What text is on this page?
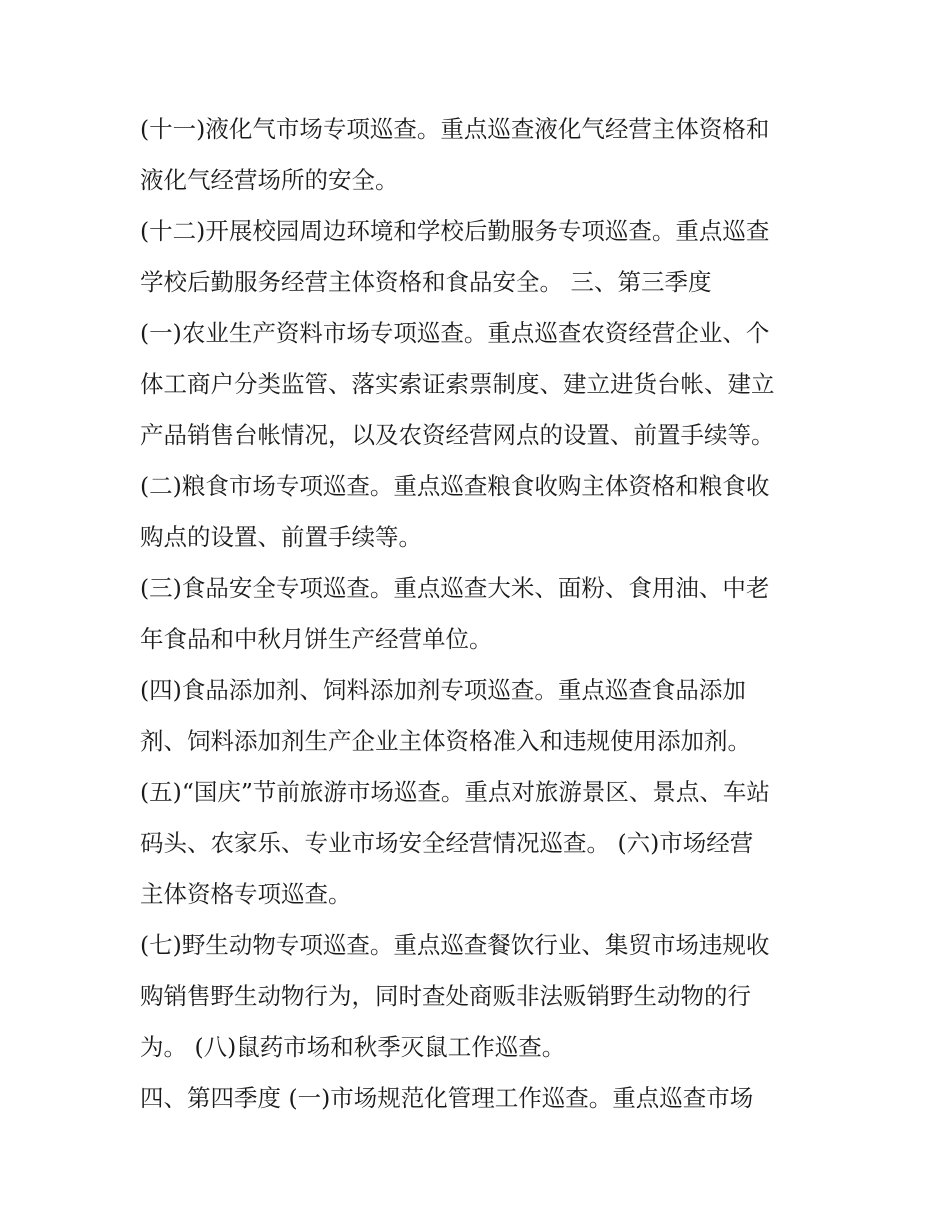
(十一)液化气市场专项巡查。重点巡查液化气经营主体资格和
液化气经营场所的安全。
(十二)开展校园周边环境和学校后勤服务专项巡查。重点巡查
学校后勤服务经营主体资格和食品安全。 三、第三季度
(一)农业生产资料市场专项巡查。重点巡查农资经营企业、个
体工商户分类监管、落实索证索票制度、建立进货台帐、建立
产品销售台帐情况，以及农资经营网点的设置、前置手续等。
(二)粮食市场专项巡查。重点巡查粮食收购主体资格和粮食收
购点的设置、前置手续等。
(三)食品安全专项巡查。重点巡查大米、面粉、食用油、中老
年食品和中秋月饼生产经营单位。
(四)食品添加剂、饲料添加剂专项巡查。重点巡查食品添加
剂、饲料添加剂生产企业主体资格准入和违规使用添加剂。
(五)“国庆”节前旅游市场巡查。重点对旅游景区、景点、车站
码头、农家乐、专业市场安全经营情况巡查。 (六)市场经营
主体资格专项巡查。
(七)野生动物专项巡查。重点巡查餐饮行业、集贸市场违规收
购销售野生动物行为，同时查处商贩非法贩销野生动物的行
为。 (八)鼠药市场和秋季灭鼠工作巡查。
四、第四季度 (一)市场规范化管理工作巡查。重点巡查市场
